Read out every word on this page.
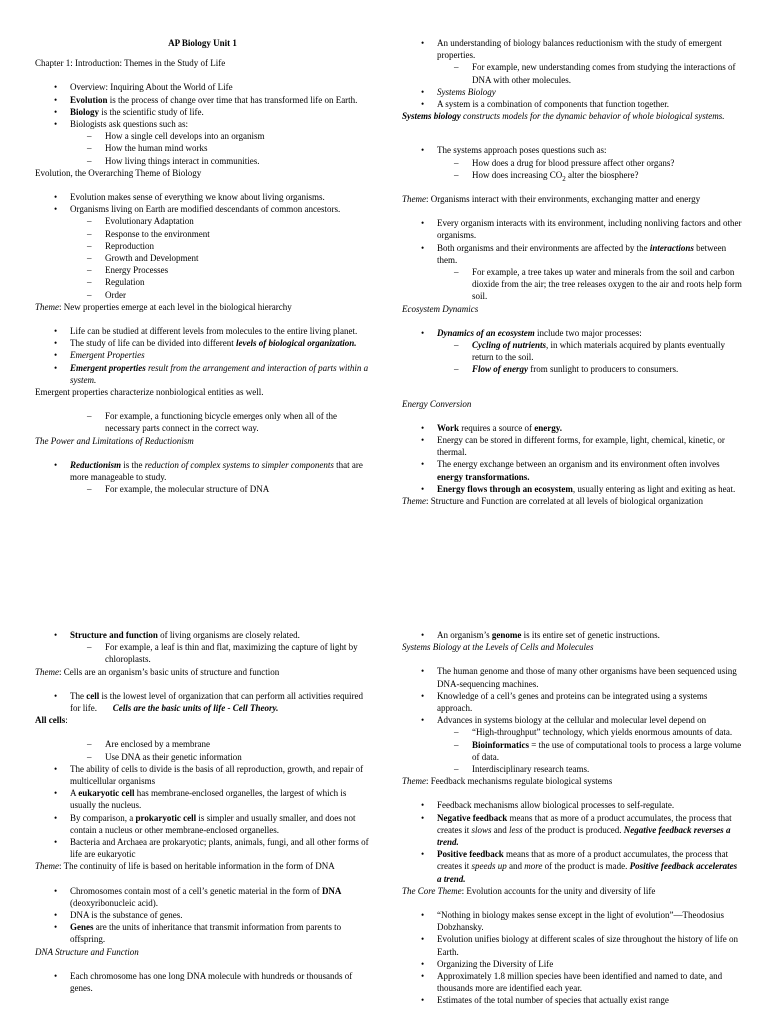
AP Biology Unit 1

Chapter 1: Introduction: Themes in the Study of Life

• Overview: Inquiring About the World of Life
• Evolution is the process of change over time that has transformed life on Earth.
• Biology is the scientific study of life.
• Biologists ask questions such as:
– How a single cell develops into an organism
– How the human mind works
– How living things interact in communities.

Evolution, the Overarching Theme of Biology

• Evolution makes sense of everything we know about living organisms.
• Organisms living on Earth are modified descendants of common ancestors.
– Evolutionary Adaptation
– Response to the environment
– Reproduction
– Growth and Development
– Energy Processes
– Regulation
– Order

Theme: New properties emerge at each level in the biological hierarchy

• Life can be studied at different levels from molecules to the entire living planet.
• The study of life can be divided into different levels of biological organization.
• Emergent Properties
• Emergent properties result from the arrangement and interaction of parts within a system.

Emergent properties characterize nonbiological entities as well.

– For example, a functioning bicycle emerges only when all of the necessary parts connect in the correct way.

The Power and Limitations of Reductionism

• Reductionism is the reduction of complex systems to simpler components that are more manageable to study.
– For example, the molecular structure of DNA
• An understanding of biology balances reductionism with the study of emergent properties.
– For example, new understanding comes from studying the interactions of DNA with other molecules.
• Systems Biology
• A system is a combination of components that function together.

Systems biology constructs models for the dynamic behavior of whole biological systems.

• The systems approach poses questions such as:
– How does a drug for blood pressure affect other organs?
– How does increasing $CO_2$ alter the biosphere?

Theme: Organisms interact with their environments, exchanging matter and energy

• Every organism interacts with its environment, including nonliving factors and other organisms.
• Both organisms and their environments are affected by the interactions between them.
– For example, a tree takes up water and minerals from the soil and carbon dioxide from the air; the tree releases oxygen to the air and roots help form soil.

Ecosystem Dynamics

• Dynamics of an ecosystem include two major processes:
– Cycling of nutrients, in which materials acquired by plants eventually return to the soil.
– Flow of energy from sunlight to producers to consumers.

Energy Conversion

• Work requires a source of energy.
• Energy can be stored in different forms, for example, light, chemical, kinetic, or thermal.
• The energy exchange between an organism and its environment often involves energy transformations.
• Energy flows through an ecosystem, usually entering as light and exiting as heat.

Theme: Structure and Function are correlated at all levels of biological organization

• Structure and function of living organisms are closely related.
– For example, a leaf is thin and flat, maximizing the capture of light by chloroplasts.

Theme: Cells are an organism’s basic units of structure and function

• The cell is the lowest level of organization that can perform all activities required for life. Cells are the basic units of life - Cell Theory.

All cells:

– Are enclosed by a membrane
– Use DNA as their genetic information
• The ability of cells to divide is the basis of all reproduction, growth, and repair of multicellular organisms
• A eukaryotic cell has membrane-enclosed organelles, the largest of which is usually the nucleus.
• By comparison, a prokaryotic cell is simpler and usually smaller, and does not contain a nucleus or other membrane-enclosed organelles.
• Bacteria and Archaea are prokaryotic; plants, animals, fungi, and all other forms of life are eukaryotic

Theme: The continuity of life is based on heritable information in the form of DNA

• Chromosomes contain most of a cell’s genetic material in the form of DNA (deoxyribonucleic acid).
• DNA is the substance of genes.
• Genes are the units of inheritance that transmit information from parents to offspring.

DNA Structure and Function

• Each chromosome has one long DNA molecule with hundreds or thousands of genes.
• An organism’s genome is its entire set of genetic instructions.

Systems Biology at the Levels of Cells and Molecules

• The human genome and those of many other organisms have been sequenced using DNA-sequencing machines.
• Knowledge of a cell’s genes and proteins can be integrated using a systems approach.
• Advances in systems biology at the cellular and molecular level depend on
– “High-throughput” technology, which yields enormous amounts of data.
– Bioinformatics = the use of computational tools to process a large volume of data.
– Interdisciplinary research teams.

Theme: Feedback mechanisms regulate biological systems

• Feedback mechanisms allow biological processes to self-regulate.
• Negative feedback means that as more of a product accumulates, the process that creates it slows and less of the product is produced. Negative feedback reverses a trend.
• Positive feedback means that as more of a product accumulates, the process that creates it speeds up and more of the product is made. Positive feedback accelerates a trend.

The Core Theme: Evolution accounts for the unity and diversity of life

• “Nothing in biology makes sense except in the light of evolution”—Theodosius Dobzhansky.
• Evolution unifies biology at different scales of size throughout the history of life on Earth.
• Organizing the Diversity of Life
• Approximately 1.8 million species have been identified and named to date, and thousands more are identified each year.
• Estimates of the total number of species that actually exist range
